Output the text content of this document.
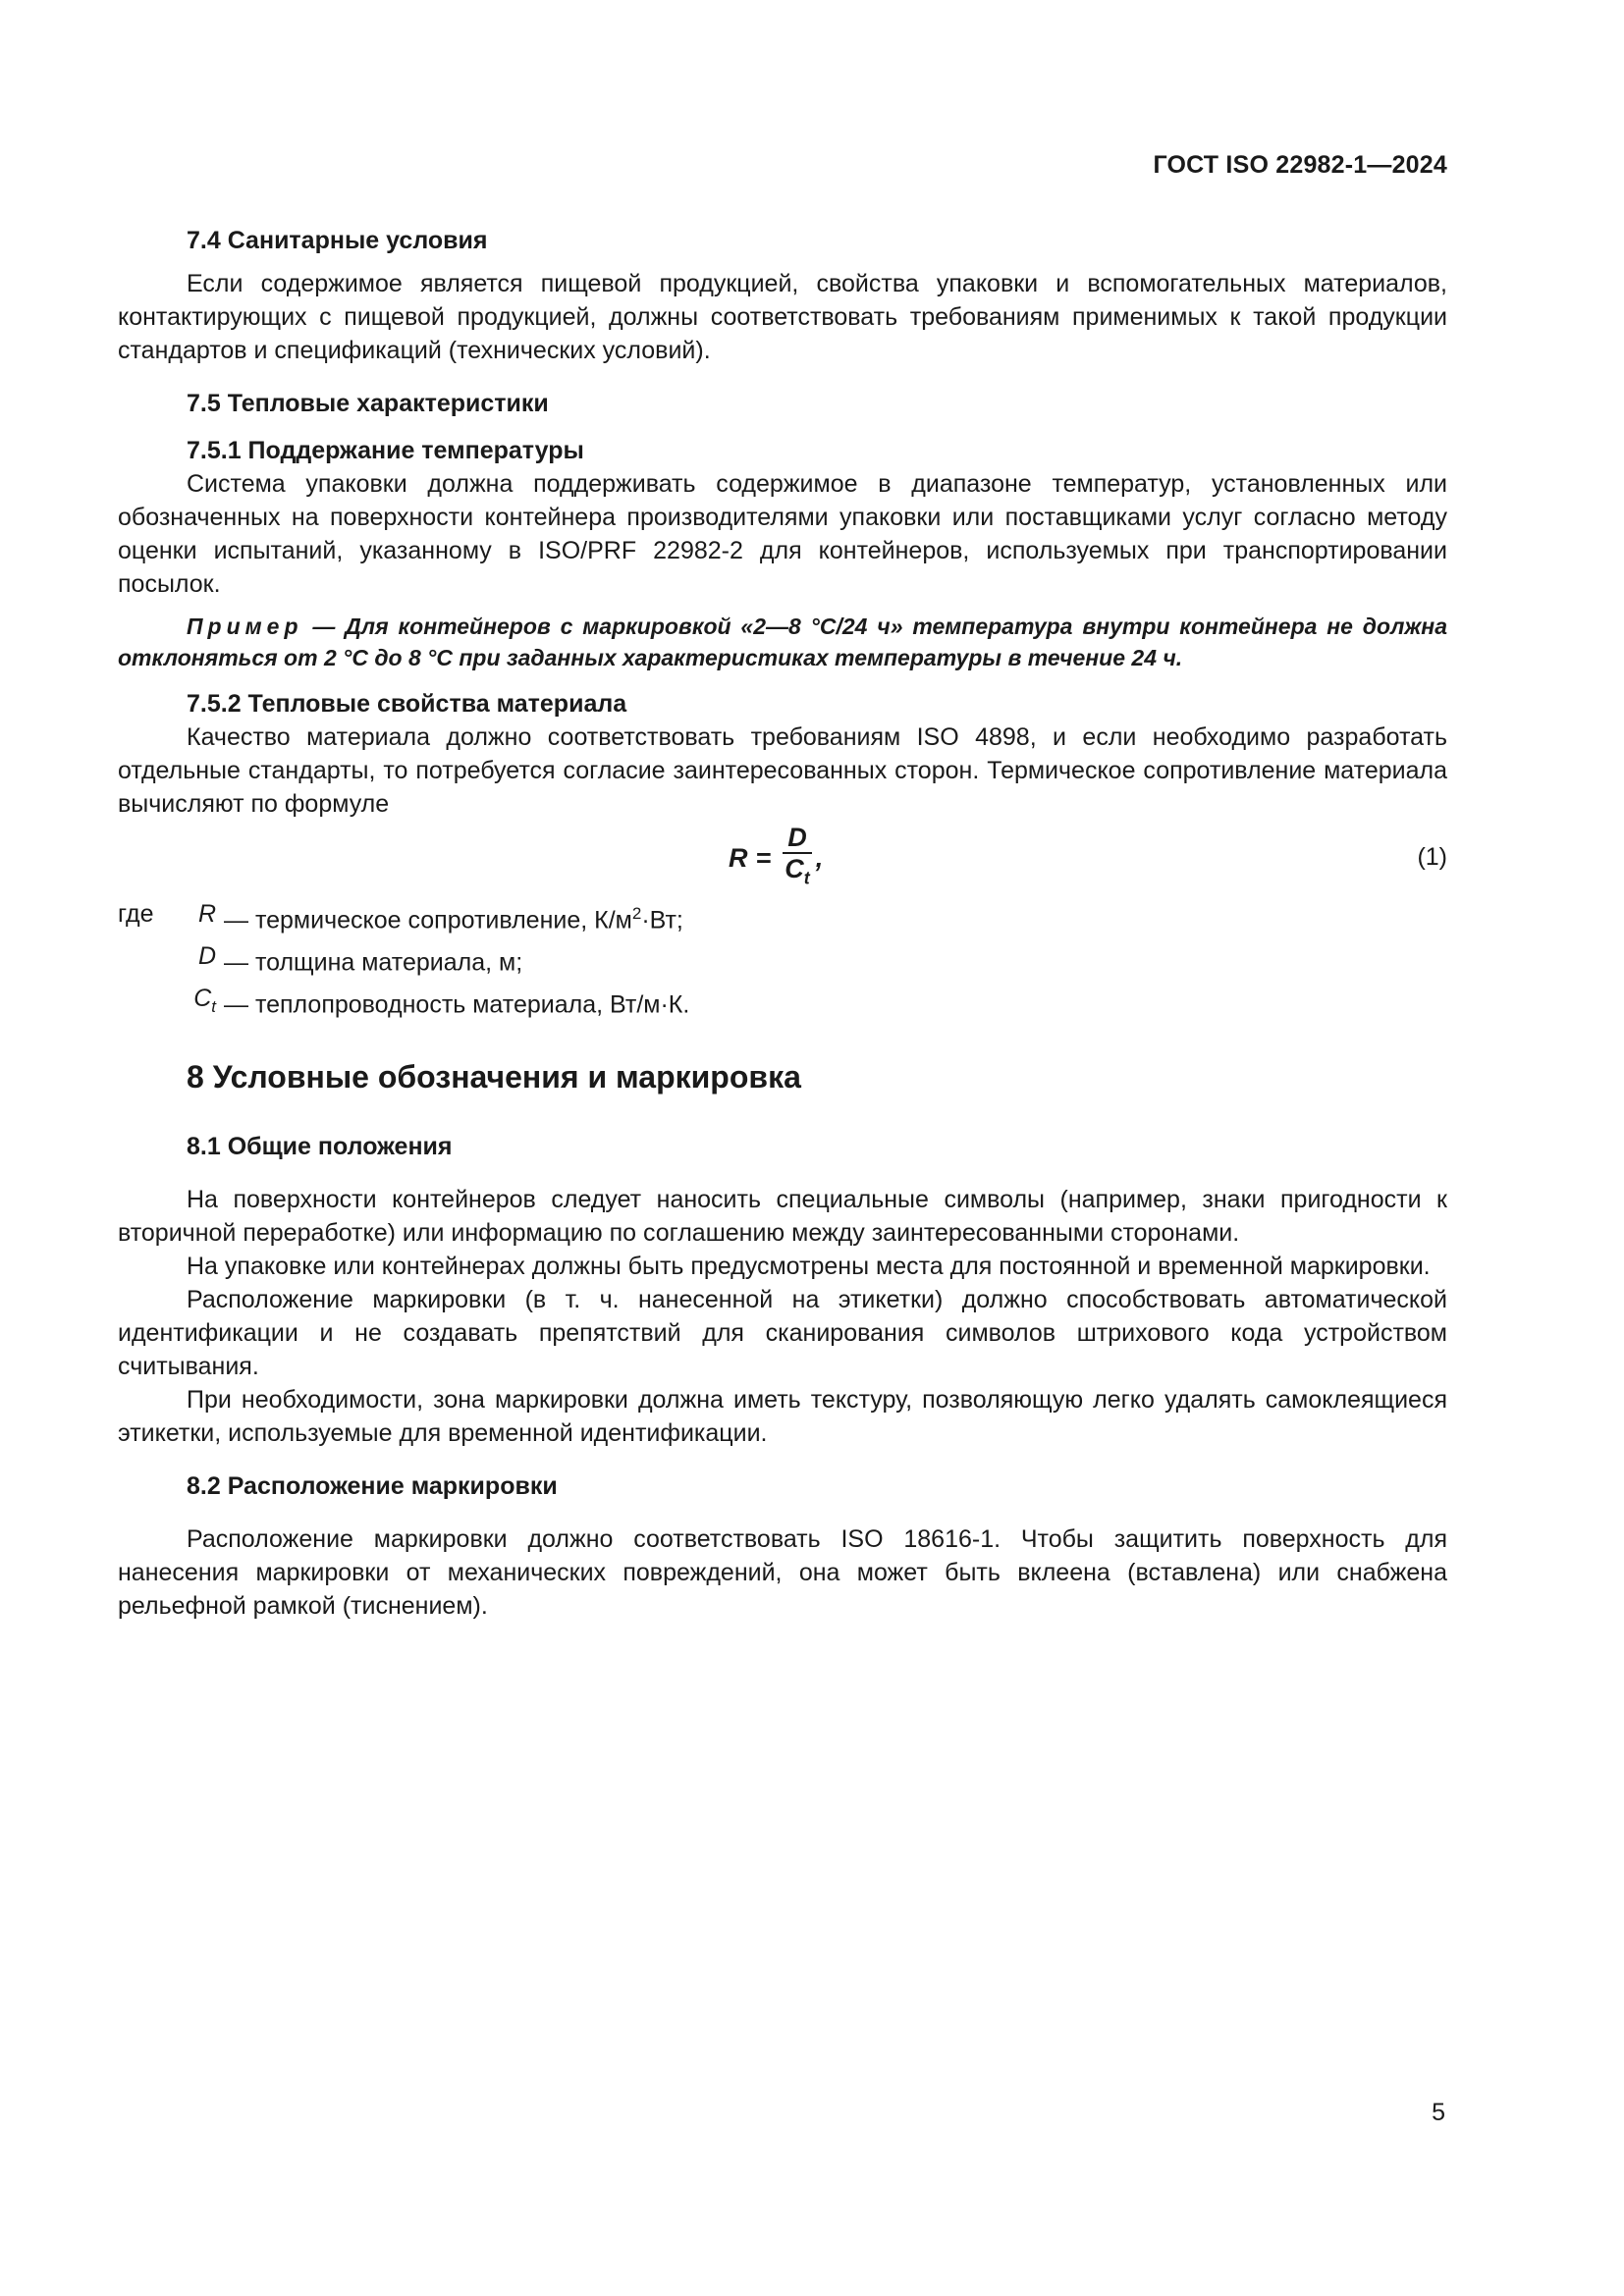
ГОСТ ISO 22982-1—2024
7.4 Санитарные условия

Если содержимое является пищевой продукцией, свойства упаковки и вспомогательных материалов, контактирующих с пищевой продукцией, должны соответствовать требованиям применимых к такой продукции стандартов и спецификаций (технических условий).

7.5 Тепловые характеристики
7.5.1 Поддержание температуры

Система упаковки должна поддерживать содержимое в диапазоне температур, установленных или обозначенных на поверхности контейнера производителями упаковки или поставщиками услуг согласно методу оценки испытаний, указанному в ISO/PRF 22982-2 для контейнеров, используемых при транспортировании посылок.

Пример — Для контейнеров с маркировкой «2—8 °С/24 ч» температура внутри контейнера не должна отклоняться от 2 °С до 8 °С при заданных характеристиках температуры в течение 24 ч.

7.5.2 Тепловые свойства материала

Качество материала должно соответствовать требованиям ISO 4898, и если необходимо разработать отдельные стандарты, то потребуется согласие заинтересованных сторон. Термическое сопротивление материала вычисляют по формуле

$R = \frac{D}{C_t}$ ,	(1)
где	R	— термическое сопротивление, $К/м^2\cdot Вт$;
	D	— толщина материала, м;
	$C_t$	— теплопроводность материала, Вт/м·К.
8 Условные обозначения и маркировка
8.1 Общие положения

На поверхности контейнеров следует наносить специальные символы (например, знаки пригодности к вторичной переработке) или информацию по соглашению между заинтересованными сторонами.

На упаковке или контейнерах должны быть предусмотрены места для постоянной и временной маркировки.

Расположение маркировки (в т. ч. нанесенной на этикетки) должно способствовать автоматической идентификации и не создавать препятствий для сканирования символов штрихового кода устройством считывания.

При необходимости, зона маркировки должна иметь текстуру, позволяющую легко удалять самоклеящиеся этикетки, используемые для временной идентификации.

8.2 Расположение маркировки

Расположение маркировки должно соответствовать ISO 18616-1. Чтобы защитить поверхность для нанесения маркировки от механических повреждений, она может быть вклеена (вставлена) или снабжена рельефной рамкой (тиснением).

5
